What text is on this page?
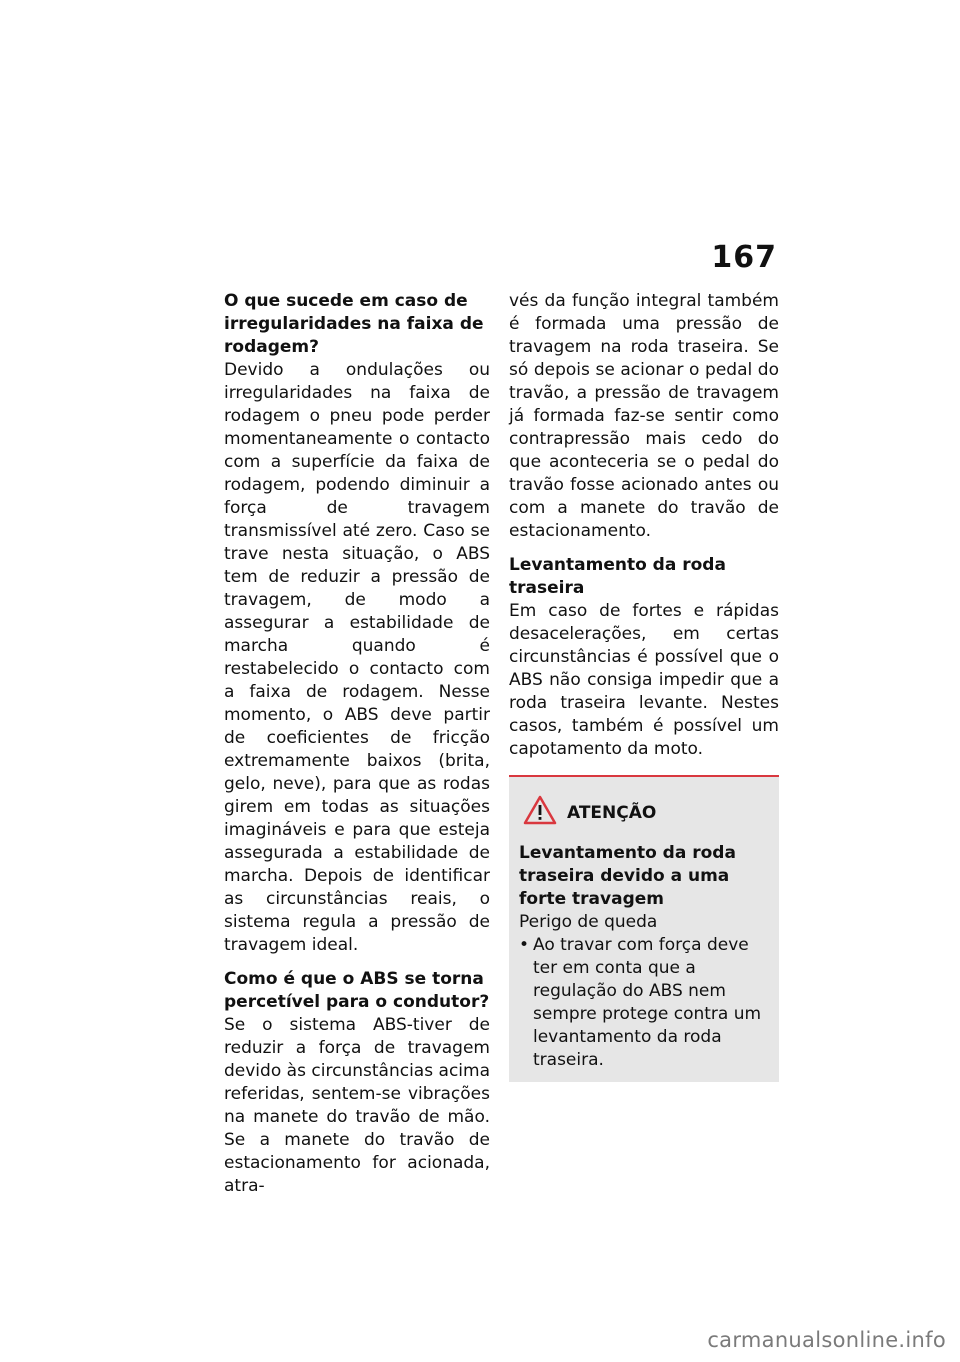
167

O que sucede em caso de irregularidades na faixa de rodagem?

Devido a ondulações ou irregularidades na faixa de rodagem o pneu pode perder momentaneamente o contacto com a superfície da faixa de rodagem, podendo diminuir a força de travagem transmissível até zero. Caso se trave nesta situação, o ABS tem de reduzir a pressão de travagem, de modo a assegurar a estabilidade de marcha quando é restabelecido o contacto com a faixa de rodagem. Nesse momento, o ABS deve partir de coeficientes de fricção extremamente baixos (brita, gelo, neve), para que as rodas girem em todas as situações imagináveis e para que esteja assegurada a estabilidade de marcha. Depois de identificar as circunstâncias reais, o sistema regula a pressão de travagem ideal.

Como é que o ABS se torna percetível para o condutor?

Se o sistema ABS-tiver de reduzir a força de travagem devido às circunstâncias acima referidas, sentem-se vibrações na manete do travão de mão. Se a manete do travão de estacionamento for acionada, atra-

vés da função integral também é formada uma pressão de travagem na roda traseira. Se só depois se acionar o pedal do travão, a pressão de travagem já formada faz-se sentir como contrapressão mais cedo do que aconteceria se o pedal do travão fosse acionado antes ou com a manete do travão de estacionamento.

Levantamento da roda traseira

Em caso de fortes e rápidas desacelerações, em certas circunstâncias é possível que o ABS não consiga impedir que a roda traseira levante. Nestes casos, também é possível um capotamento da moto.

ATENÇÃO

Levantamento da roda traseira devido a uma forte travagem

Perigo de queda

• Ao travar com força deve ter em conta que a regulação do ABS nem sempre protege contra um levantamento da roda traseira.
carmanualsonline.info
